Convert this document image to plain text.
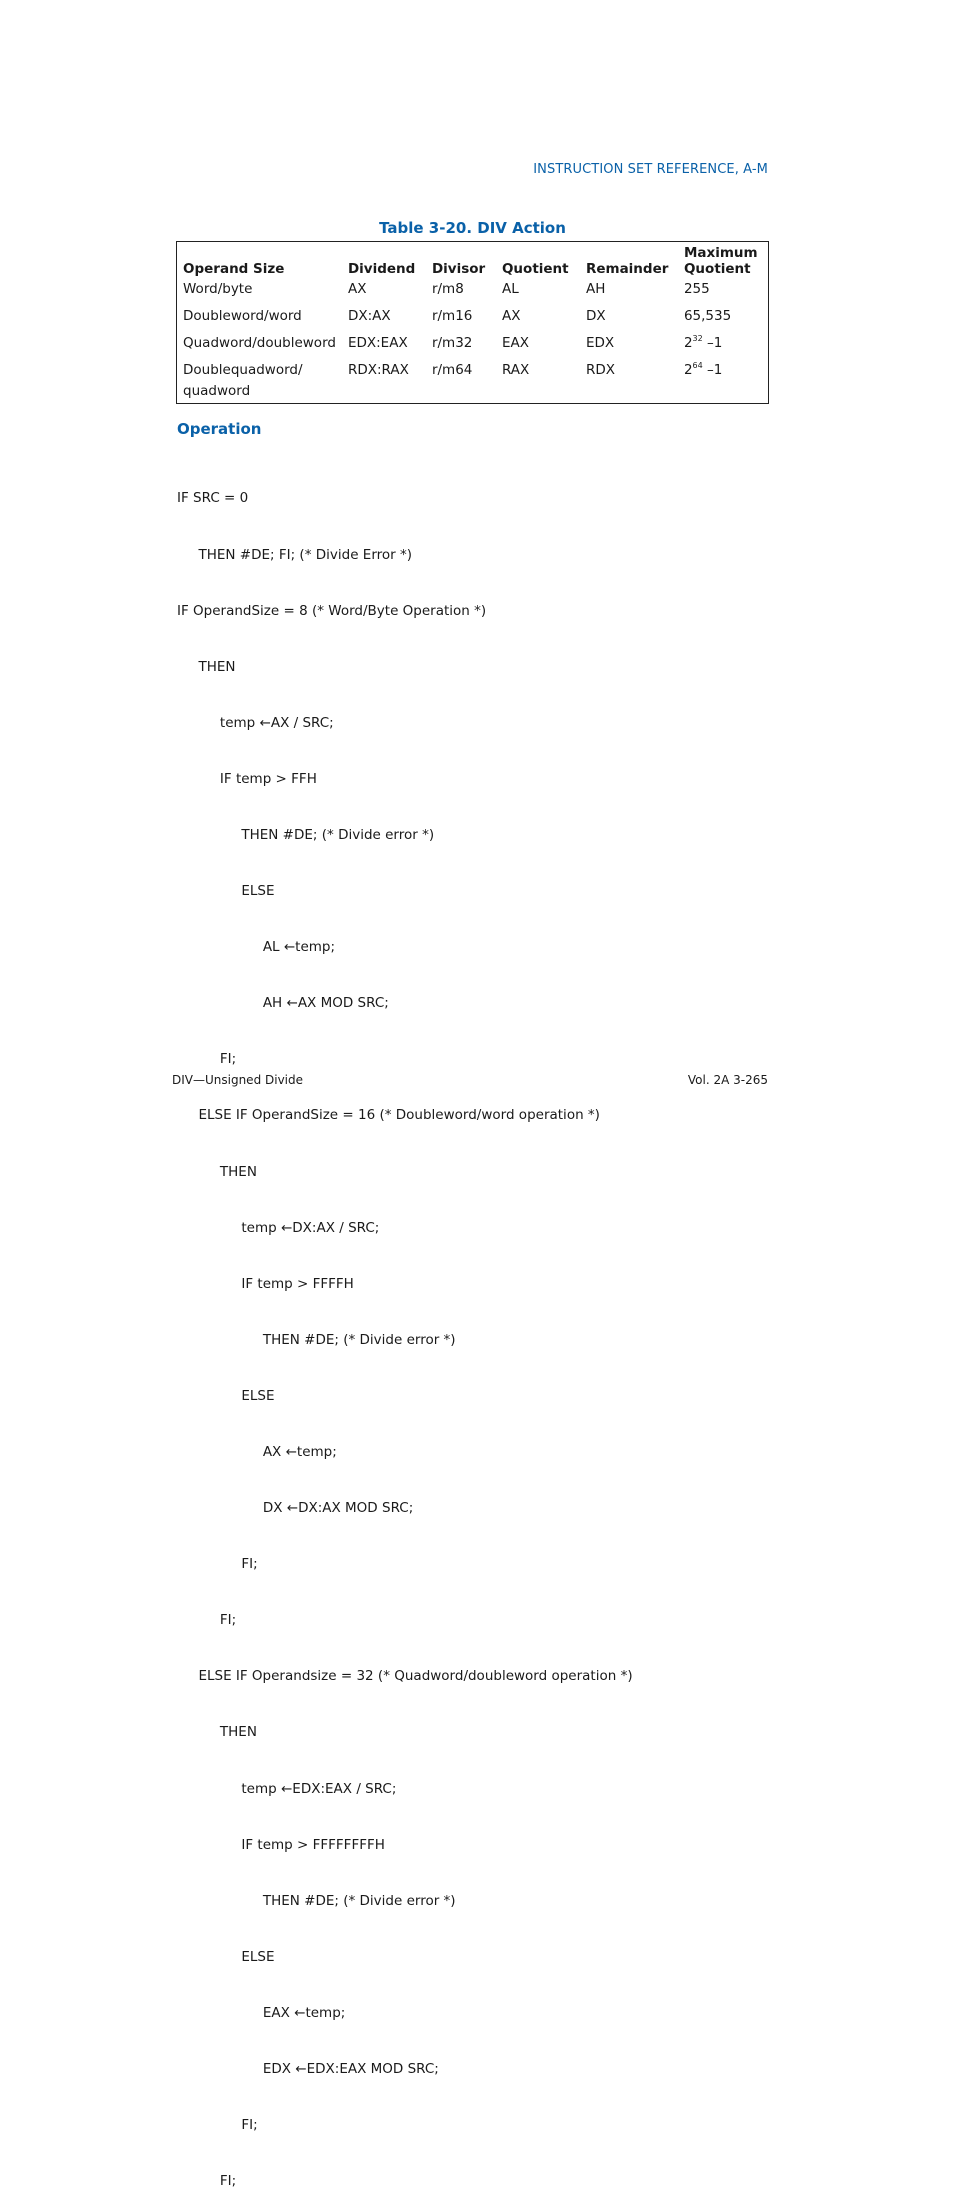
INSTRUCTION SET REFERENCE, A-M
Table 3-20. DIV Action
Operand Size	Dividend	Divisor	Quotient	Remainder	Maximum
Quotient
Word/byte	AX	r/m8	AL	AH	255
Doubleword/word	DX:AX	r/m16	AX	DX	65,535
Quadword/doubleword	EDX:EAX	r/m32	EAX	EDX	$2^{32}$ –1
Doublequadword/
quadword	RDX:RAX	r/m64	RAX	RDX	$2^{64}$ –1
Operation

IF SRC = 0

THEN #DE; FI; (* Divide Error *)

IF OperandSize = 8 (* Word/Byte Operation *)

THEN

temp ←AX / SRC;

IF temp > FFH

THEN #DE; (* Divide error *)

ELSE

AL ←temp;

AH ←AX MOD SRC;

FI;

ELSE IF OperandSize = 16 (* Doubleword/word operation *)

THEN

temp ←DX:AX / SRC;

IF temp > FFFFH

THEN #DE; (* Divide error *)

ELSE

AX ←temp;

DX ←DX:AX MOD SRC;

FI;

FI;

ELSE IF Operandsize = 32 (* Quadword/doubleword operation *)

THEN

temp ←EDX:EAX / SRC;

IF temp > FFFFFFFFH

THEN #DE; (* Divide error *)

ELSE

EAX ←temp;

EDX ←EDX:EAX MOD SRC;

FI;

FI;

DIV—Unsigned Divide	Vol. 2A 3-265
